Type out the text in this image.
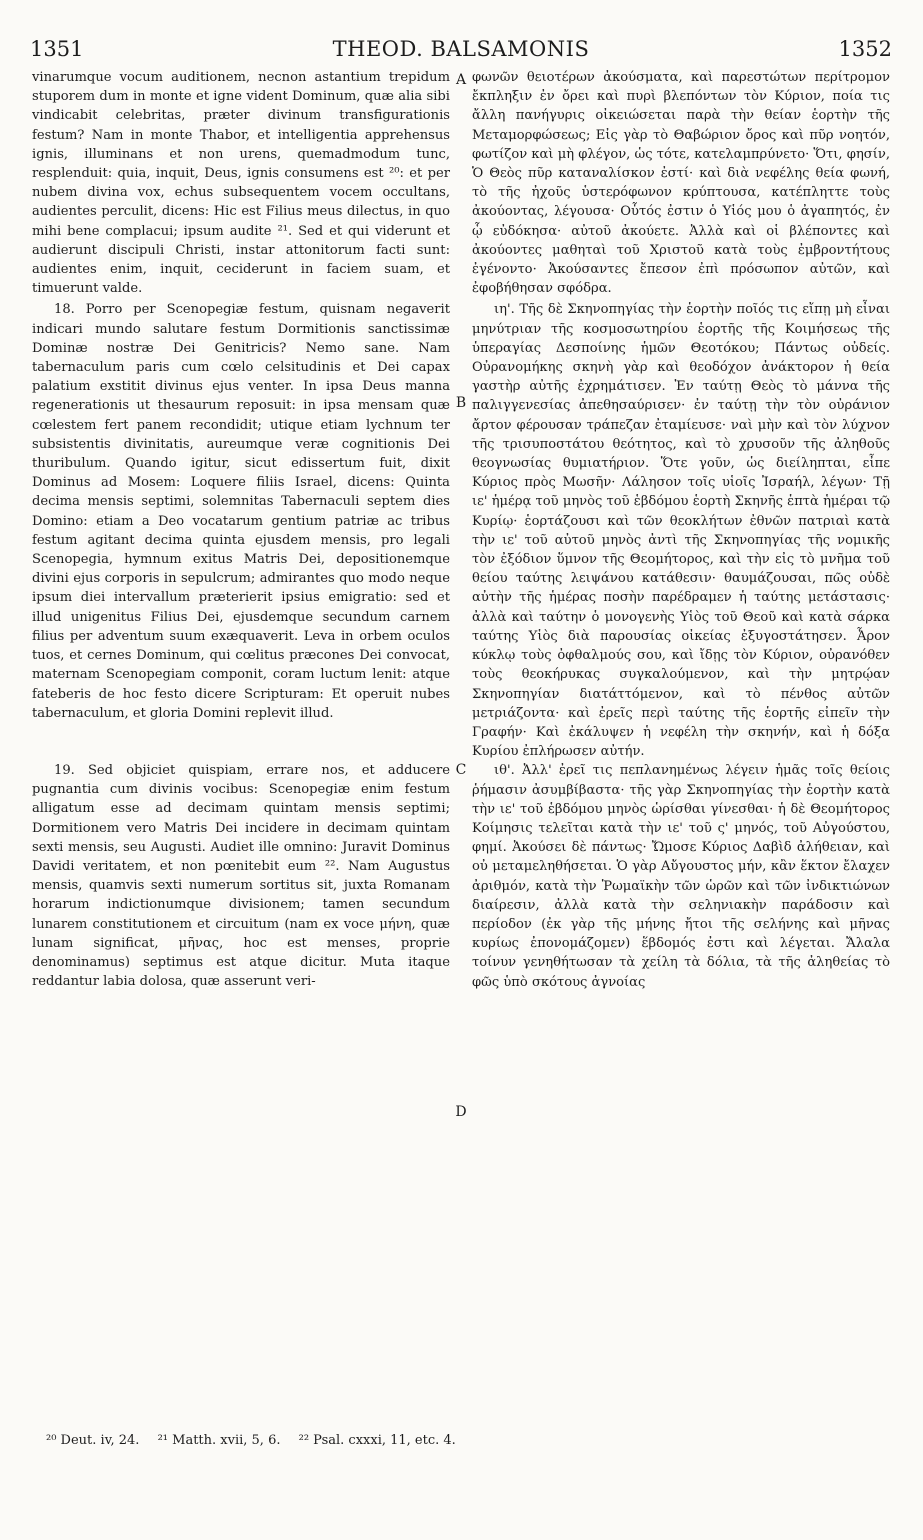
1351	THEOD. BALSAMONIS	1352

vinarumque vocum auditionem, necnon astantium trepidum stuporem dum in monte et igne vident Dominum, quæ alia sibi vindicabit celebritas, præter divinum transfigurationis festum? Nam in monte Thabor, et intelligentia apprehensus ignis, illuminans et non urens, quemadmodum tunc, resplenduit: quia, inquit, Deus, ignis consumens est ²⁰: et per nubem divina vox, echus subsequentem vocem occultans, audientes perculit, dicens: Hic est Filius meus dilectus, in quo mihi bene complacui; ipsum audite ²¹. Sed et qui viderunt et audierunt discipuli Christi, instar attonitorum facti sunt: audientes enim, inquit, ceciderunt in faciem suam, et timuerunt valde.

18. Porro per Scenopegiæ festum, quisnam negaverit indicari mundo salutare festum Dormitionis sanctissimæ Dominæ nostræ Dei Genitricis? Nemo sane. Nam tabernaculum paris cum cœlo celsitudinis et Dei capax palatium exstitit divinus ejus venter. In ipsa Deus manna regenerationis ut thesaurum reposuit: in ipsa mensam quæ cœlestem fert panem recondidit; utique etiam lychnum ter subsistentis divinitatis, aureumque veræ cognitionis Dei thuribulum. Quando igitur, sicut edissertum fuit, dixit Dominus ad Mosem: Loquere filiis Israel, dicens: Quinta decima mensis septimi, solemnitas Tabernaculi septem dies Domino: etiam a Deo vocatarum gentium patriæ ac tribus festum agitant decima quinta ejusdem mensis, pro legali Scenopegia, hymnum exitus Matris Dei, depositionemque divini ejus corporis in sepulcrum; admirantes quo modo neque ipsum diei intervallum præterierit ipsius emigratio: sed et illud unigenitus Filius Dei, ejusdemque secundum carnem filius per adventum suum exæquaverit. Leva in orbem oculos tuos, et cernes Dominum, qui cœlitus præcones Dei convocat, maternam Scenopegiam componit, coram luctum lenit: atque fateberis de hoc festo dicere Scripturam: Et operuit nubes tabernaculum, et gloria Domini replevit illud.

19. Sed objiciet quispiam, errare nos, et adducere pugnantia cum divinis vocibus: Scenopegiæ enim festum alligatum esse ad decimam quintam mensis septimi; Dormitionem vero Matris Dei incidere in decimam quintam sexti mensis, seu Augusti. Audiet ille omnino: Juravit Dominus Davidi veritatem, et non pœnitebit eum ²². Nam Augustus mensis, quamvis sexti numerum sortitus sit, juxta Romanam horarum indictionumque divisionem; tamen secundum lunarem constitutionem et circuitum (nam ex voce μήνη, quæ lunam significat, μῆνας, hoc est menses, proprie denominamus) septimus est atque dicitur. Muta itaque reddantur labia dolosa, quæ asserunt veri-

A
B
C
D

φωνῶν θειοτέρων ἀκούσματα, καὶ παρεστώτων περίτρομον ἔκπληξιν ἐν ὄρει καὶ πυρὶ βλεπόντων τὸν Κύριον, ποία τις ἄλλη πανήγυρις οἰκειώσεται παρὰ τὴν θείαν ἑορτὴν τῆς Μεταμορφώσεως; Εἰς γὰρ τὸ Θαβώριον ὄρος καὶ πῦρ νοητόν, φωτίζον καὶ μὴ φλέγον, ὡς τότε, κατελαμπρύνετο· Ὅτι, φησίν, Ὁ Θεὸς πῦρ καταναλίσκον ἐστί· καὶ διὰ νεφέλης θεία φωνή, τὸ τῆς ἠχοῦς ὑστερόφωνον κρύπτουσα, κατέπληττε τοὺς ἀκούοντας, λέγουσα· Οὗτός ἐστιν ὁ Υἱός μου ὁ ἀγαπητός, ἐν ᾧ εὐδόκησα· αὐτοῦ ἀκούετε. Ἀλλὰ καὶ οἱ βλέποντες καὶ ἀκούοντες μαθηταὶ τοῦ Χριστοῦ κατὰ τοὺς ἐμβροντήτους ἐγένοντο· Ἀκούσαντες ἔπεσον ἐπὶ πρόσωπον αὐτῶν, καὶ ἐφοβήθησαν σφόδρα.

ιη'. Τῆς δὲ Σκηνοπηγίας τὴν ἑορτὴν ποῖός τις εἴπῃ μὴ εἶναι μηνύτριαν τῆς κοσμοσωτηρίου ἑορτῆς τῆς Κοιμήσεως τῆς ὑπεραγίας Δεσποίνης ἡμῶν Θεοτόκου; Πάντως οὐδείς. Οὐρανομήκης σκηνὴ γὰρ καὶ θεοδόχον ἀνάκτορον ἡ θεία γαστὴρ αὐτῆς ἐχρημάτισεν. Ἐν ταύτῃ Θεὸς τὸ μάννα τῆς παλιγγενεσίας ἀπεθησαύρισεν· ἐν ταύτῃ τὴν τὸν οὐράνιον ἄρτον φέρουσαν τράπεζαν ἐταμίευσε· ναὶ μὴν καὶ τὸν λύχνον τῆς τρισυποστάτου θεότητος, καὶ τὸ χρυσοῦν τῆς ἀληθοῦς θεογνωσίας θυμιατήριον. Ὅτε γοῦν, ὡς διείληπται, εἶπε Κύριος πρὸς Μωσῆν· Λάλησον τοῖς υἱοῖς Ἰσραήλ, λέγων· Τῇ ιε' ἡμέρᾳ τοῦ μηνὸς τοῦ ἑβδόμου ἑορτὴ Σκηνῆς ἑπτὰ ἡμέραι τῷ Κυρίῳ· ἑορτάζουσι καὶ τῶν θεοκλήτων ἐθνῶν πατριαὶ κατὰ τὴν ιε' τοῦ αὐτοῦ μηνὸς ἀντὶ τῆς Σκηνοπηγίας τῆς νομικῆς τὸν ἐξόδιον ὕμνον τῆς Θεομήτορος, καὶ τὴν εἰς τὸ μνῆμα τοῦ θείου ταύτης λειψάνου κατάθεσιν· θαυμάζουσαι, πῶς οὐδὲ αὐτὴν τῆς ἡμέρας ποσὴν παρέδραμεν ἡ ταύτης μετάστασις· ἀλλὰ καὶ ταύτην ὁ μονογενὴς Υἱὸς τοῦ Θεοῦ καὶ κατὰ σάρκα ταύτης Υἱὸς διὰ παρουσίας οἰκείας ἐξυγοστάτησεν. Ἆρον κύκλῳ τοὺς ὀφθαλμούς σου, καὶ ἴδῃς τὸν Κύριον, οὐρανόθεν τοὺς θεοκήρυκας συγκαλούμενον, καὶ τὴν μητρῴαν Σκηνοπηγίαν διατάττόμενον, καὶ τὸ πένθος αὐτῶν μετριάζοντα· καὶ ἐρεῖς περὶ ταύτης τῆς ἑορτῆς εἰπεῖν τὴν Γραφήν· Καὶ ἐκάλυψεν ἡ νεφέλη τὴν σκηνήν, καὶ ἡ δόξα Κυρίου ἐπλήρωσεν αὐτήν.

ιθ'. Ἀλλ' ἐρεῖ τις πεπλανημένως λέγειν ἡμᾶς τοῖς θείοις ῥήμασιν ἀσυμβίβαστα· τῆς γὰρ Σκηνοπηγίας τὴν ἑορτὴν κατὰ τὴν ιε' τοῦ ἑβδόμου μηνὸς ὡρίσθαι γίνεσθαι· ἡ δὲ Θεομήτορος Κοίμησις τελεῖται κατὰ τὴν ιε' τοῦ ς' μηνός, τοῦ Αὐγούστου, φημί. Ἀκούσει δὲ πάντως· Ὤμοσε Κύριος Δαβὶδ ἀλήθειαν, καὶ οὐ μεταμεληθήσεται. Ὁ γὰρ Αὔγουστος μήν, κἂν ἕκτον ἔλαχεν ἀριθμόν, κατὰ τὴν Ῥωμαϊκὴν τῶν ὡρῶν καὶ τῶν ἰνδικτιώνων διαίρεσιν, ἀλλὰ κατὰ τὴν σεληνιακὴν παράδοσιν καὶ περίοδον (ἐκ γὰρ τῆς μήνης ἤτοι τῆς σελήνης καὶ μῆνας κυρίως ἐπονομάζομεν) ἕβδομός ἐστι καὶ λέγεται. Ἄλαλα τοίνυν γενηθήτωσαν τὰ χείλη τὰ δόλια, τὰ τῆς ἀληθείας τὸ φῶς ὑπὸ σκότους ἀγνοίας

²⁰ Deut. iv, 24. ²¹ Matth. xvii, 5, 6. ²² Psal. cxxxi, 11, etc. 4.
